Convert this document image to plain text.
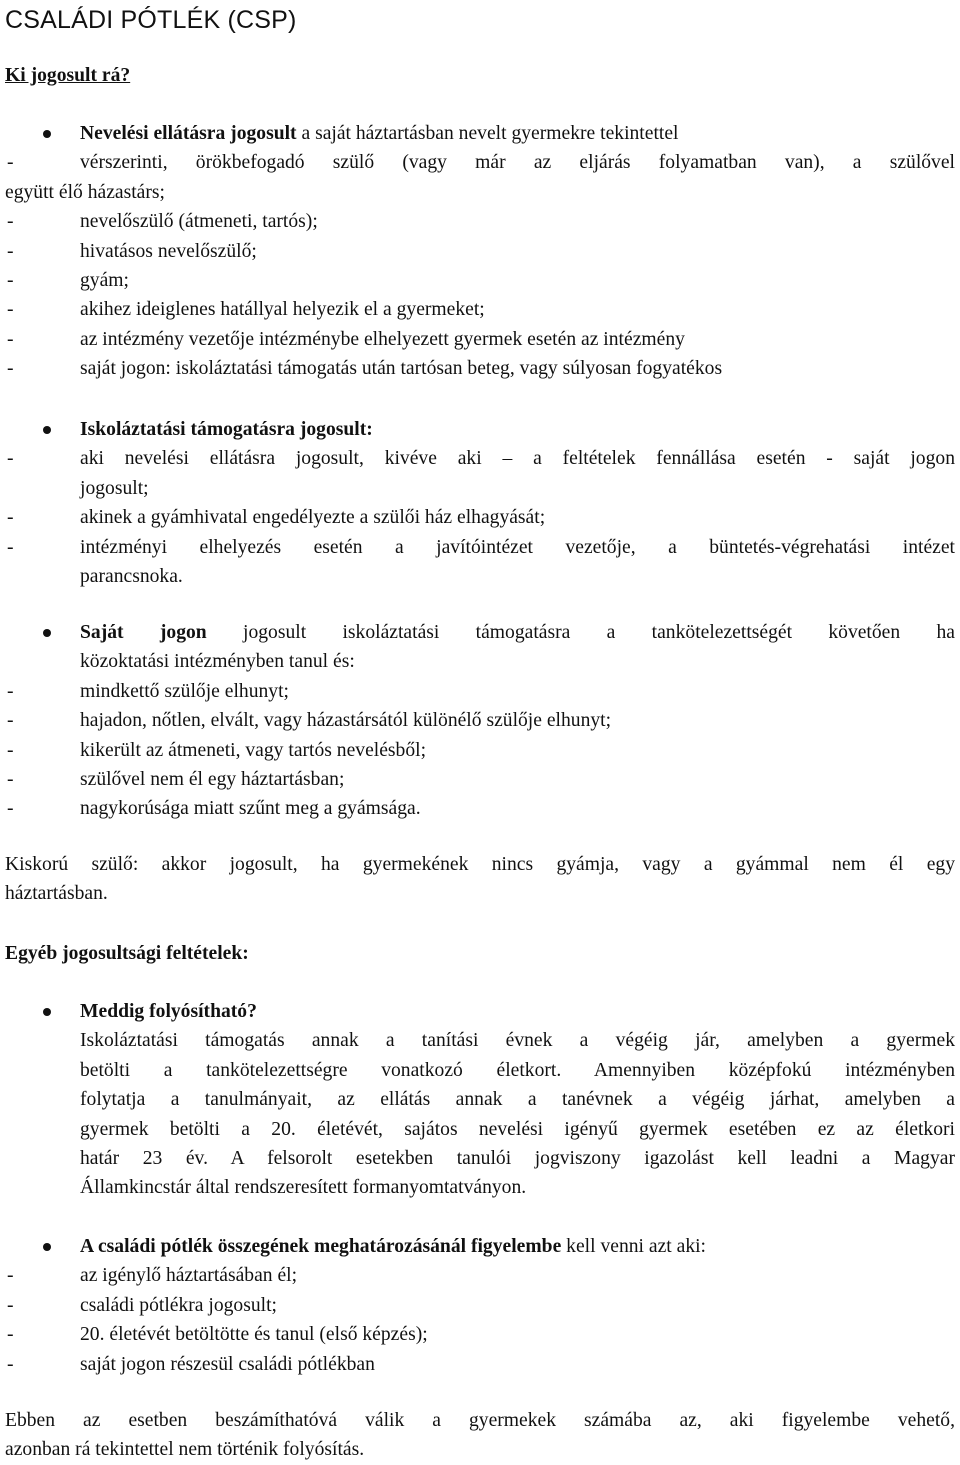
CSALÁDI PÓTLÉK (CSP)
Ki jogosult rá?
Nevelési ellátásra jogosult a saját háztartásban nevelt gyermekre tekintettel
-	vérszerinti, örökbefogadó szülő (vagy már az eljárás folyamatban van), a szülővel
együtt élő házastárs;
-	nevelőszülő (átmeneti, tartós);
-	hivatásos nevelőszülő;
-	gyám;
-	akihez ideiglenes hatállyal helyezik el a gyermeket;
-	az intézmény vezetője intézménybe elhelyezett gyermek esetén az intézmény
-	saját jogon: iskoláztatási támogatás után tartósan beteg, vagy súlyosan fogyatékos
Iskoláztatási támogatásra jogosult:
-	aki nevelési ellátásra jogosult, kivéve aki – a feltételek fennállása esetén - saját jogon
jogosult;
-	akinek a gyámhivatal engedélyezte a szülői ház elhagyását;
-	intézményi elhelyezés esetén a javítóintézet vezetője, a büntetés-végrehatási intézet
parancsnoka.
Saját jogon jogosult iskoláztatási támogatásra a tankötelezettségét követően ha
közoktatási intézményben tanul és:
-	mindkettő szülője elhunyt;
-	hajadon, nőtlen, elvált, vagy házastársától különélő szülője elhunyt;
-	kikerült az átmeneti, vagy tartós nevelésből;
-	szülővel nem él egy háztartásban;
-	nagykorúsága miatt szűnt meg a gyámsága.
Kiskorú szülő: akkor jogosult, ha gyermekének nincs gyámja, vagy a gyámmal nem él egy
háztartásban.
Egyéb jogosultsági feltételek:
Meddig folyósítható?
Iskoláztatási támogatás annak a tanítási évnek a végéig jár, amelyben a gyermek
betölti a tankötelezettségre vonatkozó életkort. Amennyiben középfokú intézményben
folytatja a tanulmányait, az ellátás annak a tanévnek a végéig járhat, amelyben a
gyermek betölti a 20. életévét, sajátos nevelési igényű gyermek esetében ez az életkori
határ 23 év. A felsorolt esetekben tanulói jogviszony igazolást kell leadni a Magyar
Államkincstár által rendszeresített formanyomtatványon.
A családi pótlék összegének meghatározásánál figyelembe kell venni azt aki:
-	az igénylő háztartásában él;
-	családi pótlékra jogosult;
-	20. életévét betöltötte és tanul (első képzés);
-	saját jogon részesül családi pótlékban
Ebben az esetben beszámíthatóvá válik a gyermekek számába az, aki figyelembe vehető,
azonban rá tekintettel nem történik folyósítás.
